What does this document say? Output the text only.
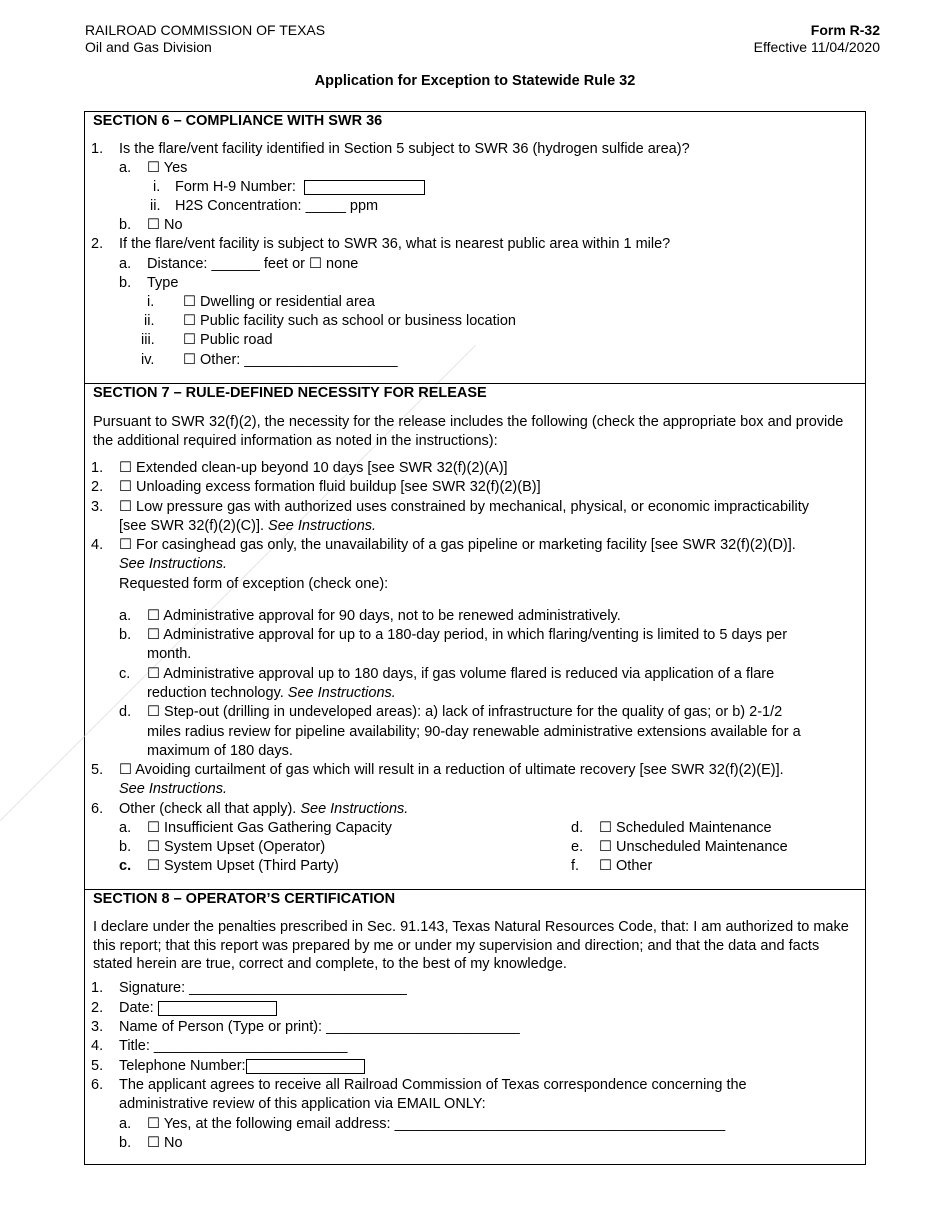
RAILROAD COMMISSION OF TEXAS
Oil and Gas Division
Form R-32
Effective 11/04/2020
Application for Exception to Statewide Rule 32
SECTION 6 – COMPLIANCE WITH SWR 36
1. Is the flare/vent facility identified in Section 5 subject to SWR 36 (hydrogen sulfide area)?
a. ☐ Yes
i. Form H-9 Number:
ii. H2S Concentration: _____ ppm
b. ☐ No
2. If the flare/vent facility is subject to SWR 36, what is nearest public area within 1 mile?
a. Distance: ______ feet or ☐ none
b. Type
i. ☐ Dwelling or residential area
ii. ☐ Public facility such as school or business location
iii. ☐ Public road
iv. ☐ Other: ___________________
SECTION 7 – RULE-DEFINED NECESSITY FOR RELEASE
Pursuant to SWR 32(f)(2), the necessity for the release includes the following (check the appropriate box and provide the additional required information as noted in the instructions):
1. ☐ Extended clean-up beyond 10 days [see SWR 32(f)(2)(A)]
2. ☐ Unloading excess formation fluid buildup [see SWR 32(f)(2)(B)]
3. ☐ Low pressure gas with authorized uses constrained by mechanical, physical, or economic impracticability
[see SWR 32(f)(2)(C)]. See Instructions.
4. ☐ For casinghead gas only, the unavailability of a gas pipeline or marketing facility [see SWR 32(f)(2)(D)].
See Instructions.
Requested form of exception (check one):
a. ☐ Administrative approval for 90 days, not to be renewed administratively.
b. ☐ Administrative approval for up to a 180-day period, in which flaring/venting is limited to 5 days per
month.
c. ☐ Administrative approval up to 180 days, if gas volume flared is reduced via application of a flare
reduction technology. See Instructions.
d. ☐ Step-out (drilling in undeveloped areas): a) lack of infrastructure for the quality of gas; or b) 2-1/2
miles radius review for pipeline availability; 90-day renewable administrative extensions available for a
maximum of 180 days.
5. ☐ Avoiding curtailment of gas which will result in a reduction of ultimate recovery [see SWR 32(f)(2)(E)].
See Instructions.
6. Other (check all that apply). See Instructions.
a. ☐ Insufficient Gas Gathering Capacity
b. ☐ System Upset (Operator)
c. ☐ System Upset (Third Party)
d. ☐ Scheduled Maintenance
e. ☐ Unscheduled Maintenance
f. ☐ Other
SECTION 8 – OPERATOR’S CERTIFICATION
I declare under the penalties prescribed in Sec. 91.143, Texas Natural Resources Code, that: I am authorized to make this report; that this report was prepared by me or under my supervision and direction; and that the data and facts stated herein are true, correct and complete, to the best of my knowledge.
1. Signature: ___________________________
2. Date:
3. Name of Person (Type or print): ________________________
4. Title: ________________________
5. Telephone Number:
6. The applicant agrees to receive all Railroad Commission of Texas correspondence concerning the
administrative review of this application via EMAIL ONLY:
a. ☐ Yes, at the following email address: _________________________________________
b. ☐ No
